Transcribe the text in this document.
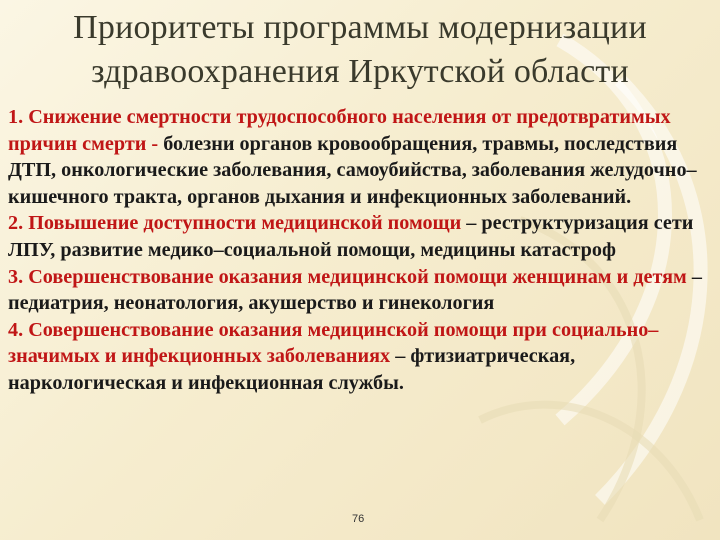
Приоритеты программы модернизации
здравоохранения Иркутской области

1. Снижение смертности трудоспособного населения от предотвратимых причин смерти - болезни органов кровообращения, травмы, последствия ДТП, онкологические заболевания, самоубийства, заболевания желудочно–кишечного тракта, органов дыхания и инфекционных заболеваний.

2. Повышение доступности медицинской помощи – реструктуризация сети ЛПУ, развитие медико–социальной помощи, медицины катастроф

3. Совершенствование оказания медицинской помощи женщинам и детям – педиатрия, неонатология, акушерство и гинекология

4. Совершенствование оказания медицинской помощи при социально–значимых и инфекционных заболеваниях – фтизиатрическая, наркологическая и инфекционная службы.

76
